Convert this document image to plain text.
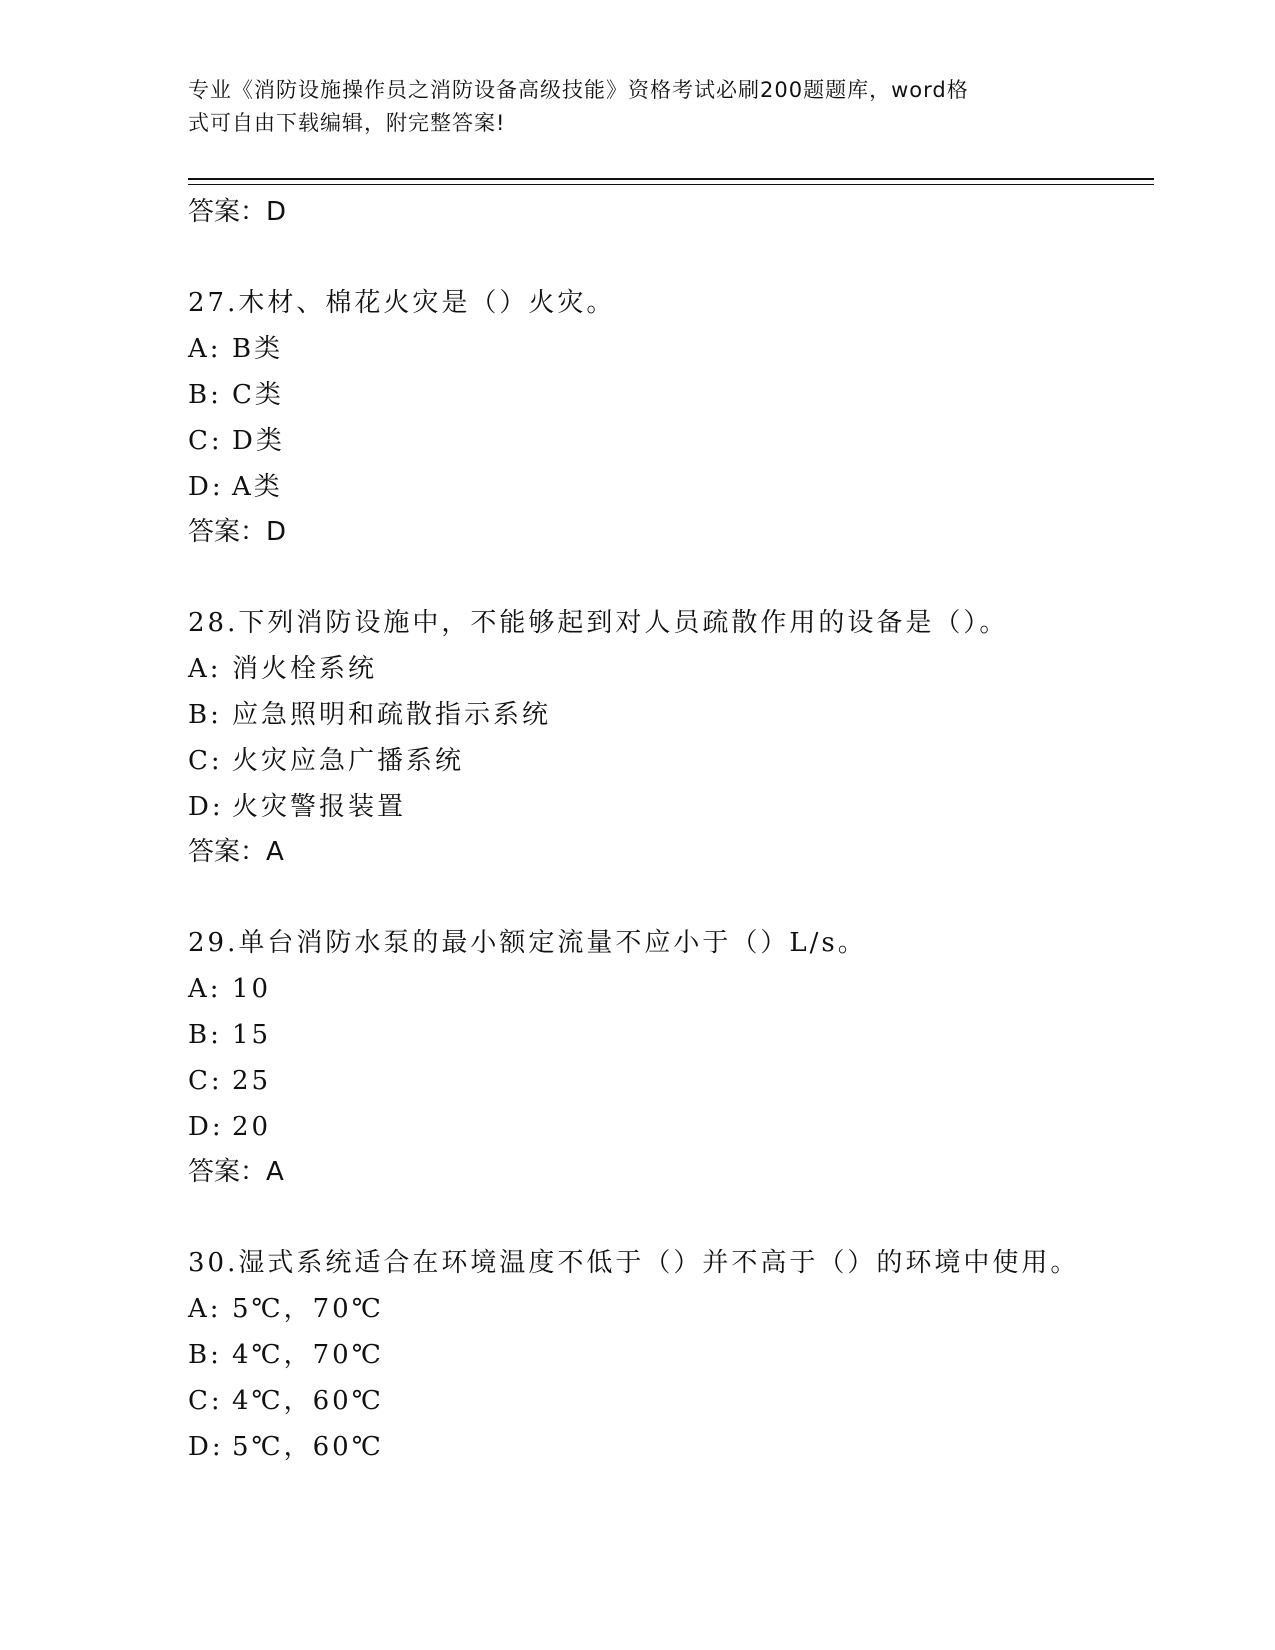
专业《消防设施操作员之消防设备高级技能》资格考试必刷200题题库，word格
式可自由下载编辑，附完整答案!
答案：D
27.木材、棉花火灾是（）火灾。
A: B类
B: C类
C: D类
D: A类
答案：D
28.下列消防设施中，不能够起到对人员疏散作用的设备是（）。
A: 消火栓系统
B: 应急照明和疏散指示系统
C: 火灾应急广播系统
D: 火灾警报装置
答案：A
29.单台消防水泵的最小额定流量不应小于（）L/s。
A: 10
B: 15
C: 25
D: 20
答案：A
30.湿式系统适合在环境温度不低于（）并不高于（）的环境中使用。
A: 5℃，70℃
B: 4℃，70℃
C: 4℃，60℃
D: 5℃，60℃
